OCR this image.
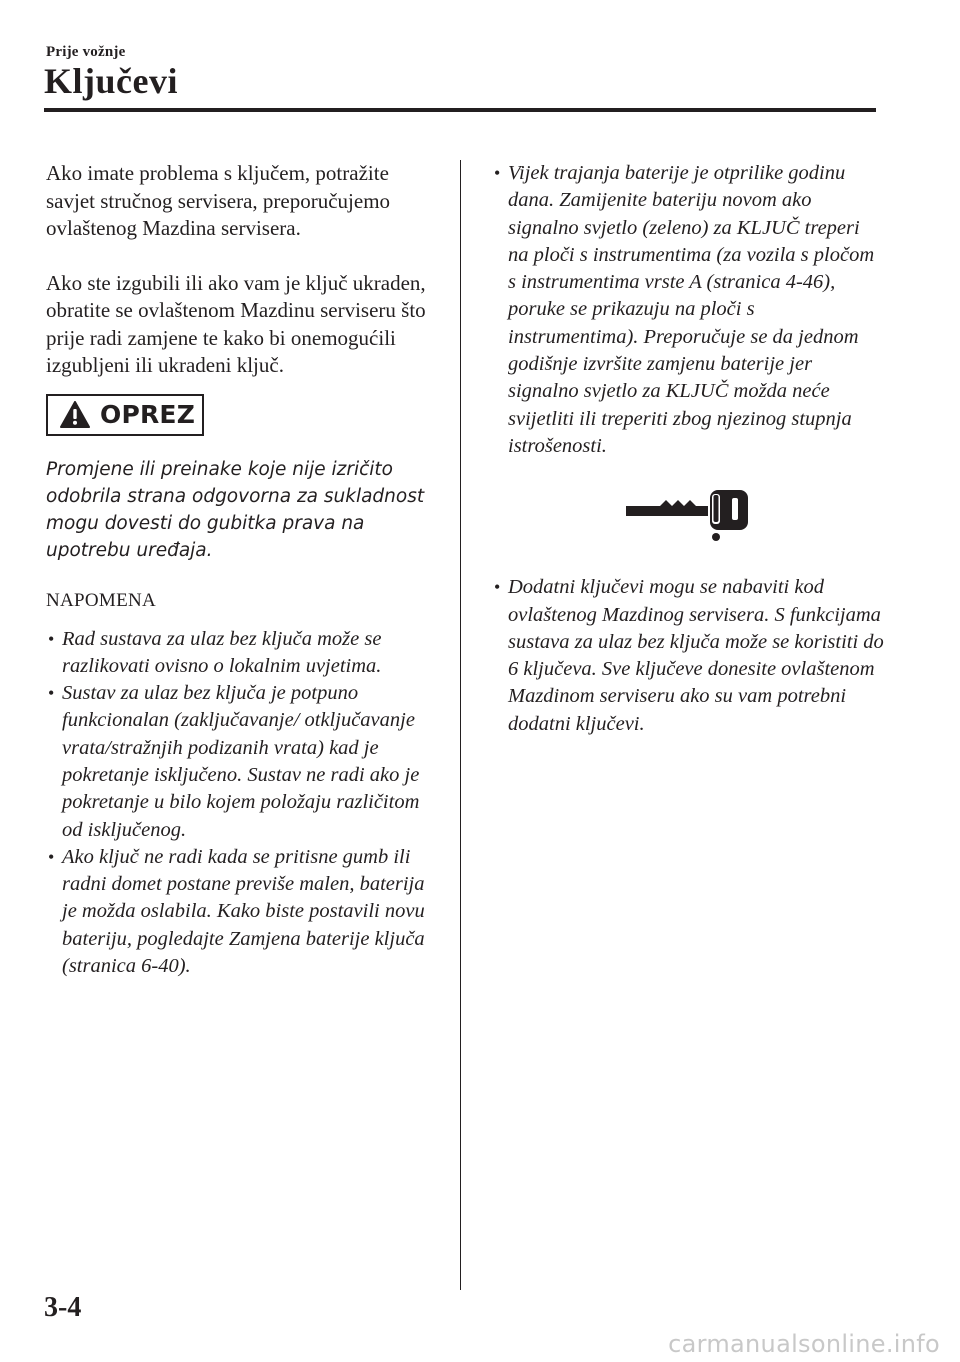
Prije vožnje
Ključevi

Ako imate problema s ključem, potražite savjet stručnog servisera, preporučujemo ovlaštenog Mazdina servisera.

Ako ste izgubili ili ako vam je ključ ukraden, obratite se ovlaštenom Mazdinu serviseru što prije radi zamjene te kako bi onemogućili izgubljeni ili ukradeni ključ.

OPREZ

Promjene ili preinake koje nije izričito odobrila strana odgovorna za sukladnost mogu dovesti do gubitka prava na upotrebu uređaja.

NAPOMENA
• Rad sustava za ulaz bez ključa može se razlikovati ovisno o lokalnim uvjetima.
• Sustav za ulaz bez ključa je potpuno funkcionalan (zaključavanje/ otključavanje vrata/stražnjih podizanih vrata) kad je pokretanje isključeno. Sustav ne radi ako je pokretanje u bilo kojem položaju različitom od isključenog.
• Ako ključ ne radi kada se pritisne gumb ili radni domet postane previše malen, baterija je možda oslabila. Kako biste postavili novu bateriju, pogledajte Zamjena baterije ključa (stranica 6-40).
• Vijek trajanja baterije je otprilike godinu dana. Zamijenite bateriju novom ako signalno svjetlo (zeleno) za KLJUČ treperi na ploči s instrumentima (za vozila s pločom s instrumentima vrste A (stranica 4-46), poruke se prikazuju na ploči s instrumentima). Preporučuje se da jednom godišnje izvršite zamjenu baterije jer signalno svjetlo za KLJUČ možda neće svijetliti ili treperiti zbog njezinog stupnja istrošenosti.
• Dodatni ključevi mogu se nabaviti kod ovlaštenog Mazdinog servisera. S funkcijama sustava za ulaz bez ključa može se koristiti do 6 ključeva. Sve ključeve donesite ovlaštenom Mazdinom serviseru ako su vam potrebni dodatni ključevi.
3-4
carmanualsonline.info
